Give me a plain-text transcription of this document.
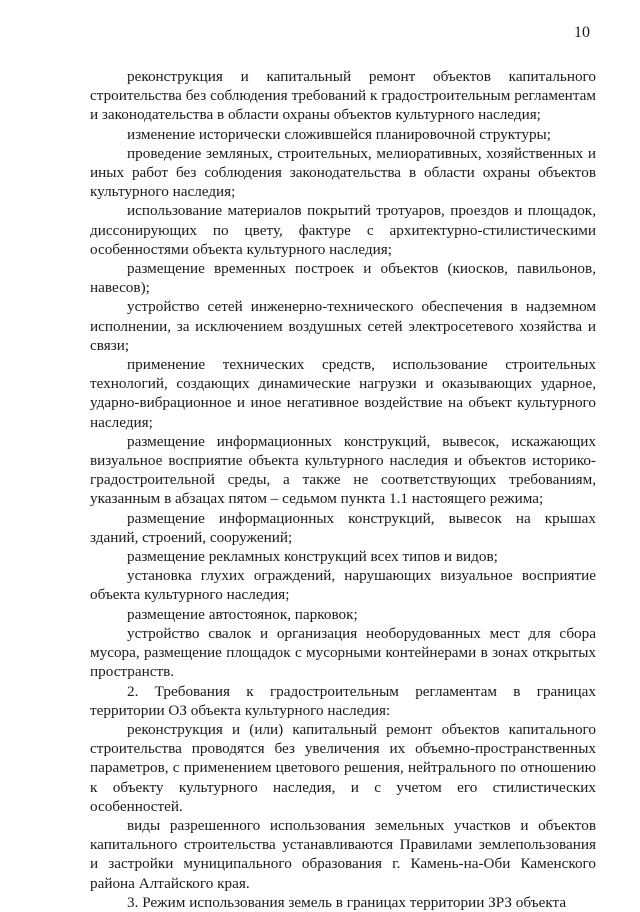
10

реконструкция и капитальный ремонт объектов капитального строительства без соблюдения требований к градостроительным регламентам и законодательства в области охраны объектов культурного наследия;

изменение исторически сложившейся планировочной структуры;

проведение земляных, строительных, мелиоративных, хозяйственных и иных работ без соблюдения законодательства в области охраны объектов культурного наследия;

использование материалов покрытий тротуаров, проездов и площадок, диссонирующих по цвету, фактуре с архитектурно-стилистическими особенностями объекта культурного наследия;

размещение временных построек и объектов (киосков, павильонов, навесов);

устройство сетей инженерно-технического обеспечения в надземном исполнении, за исключением воздушных сетей электросетевого хозяйства и связи;

применение технических средств, использование строительных технологий, создающих динамические нагрузки и оказывающих ударное, ударно-вибрационное и иное негативное воздействие на объект культурного наследия;

размещение информационных конструкций, вывесок, искажающих визуальное восприятие объекта культурного наследия и объектов историко-градостроительной среды, а также не соответствующих требованиям, указанным в абзацах пятом – седьмом пункта 1.1 настоящего режима;

размещение информационных конструкций, вывесок на крышах зданий, строений, сооружений;

размещение рекламных конструкций всех типов и видов;

установка глухих ограждений, нарушающих визуальное восприятие объекта культурного наследия;

размещение автостоянок, парковок;

устройство свалок и организация необорудованных мест для сбора мусора, размещение площадок с мусорными контейнерами в зонах открытых пространств.

2. Требования к градостроительным регламентам в границах территории ОЗ объекта культурного наследия:

реконструкция и (или) капитальный ремонт объектов капитального строительства проводятся без увеличения их объемно-пространственных параметров, с применением цветового решения, нейтрального по отношению к объекту культурного наследия, и с учетом его стилистических особенностей.

виды разрешенного использования земельных участков и объектов капитального строительства устанавливаются Правилами землепользования и застройки муниципального образования г. Камень-на-Оби Каменского района Алтайского края.

3. Режим использования земель в границах территории ЗРЗ объекта
